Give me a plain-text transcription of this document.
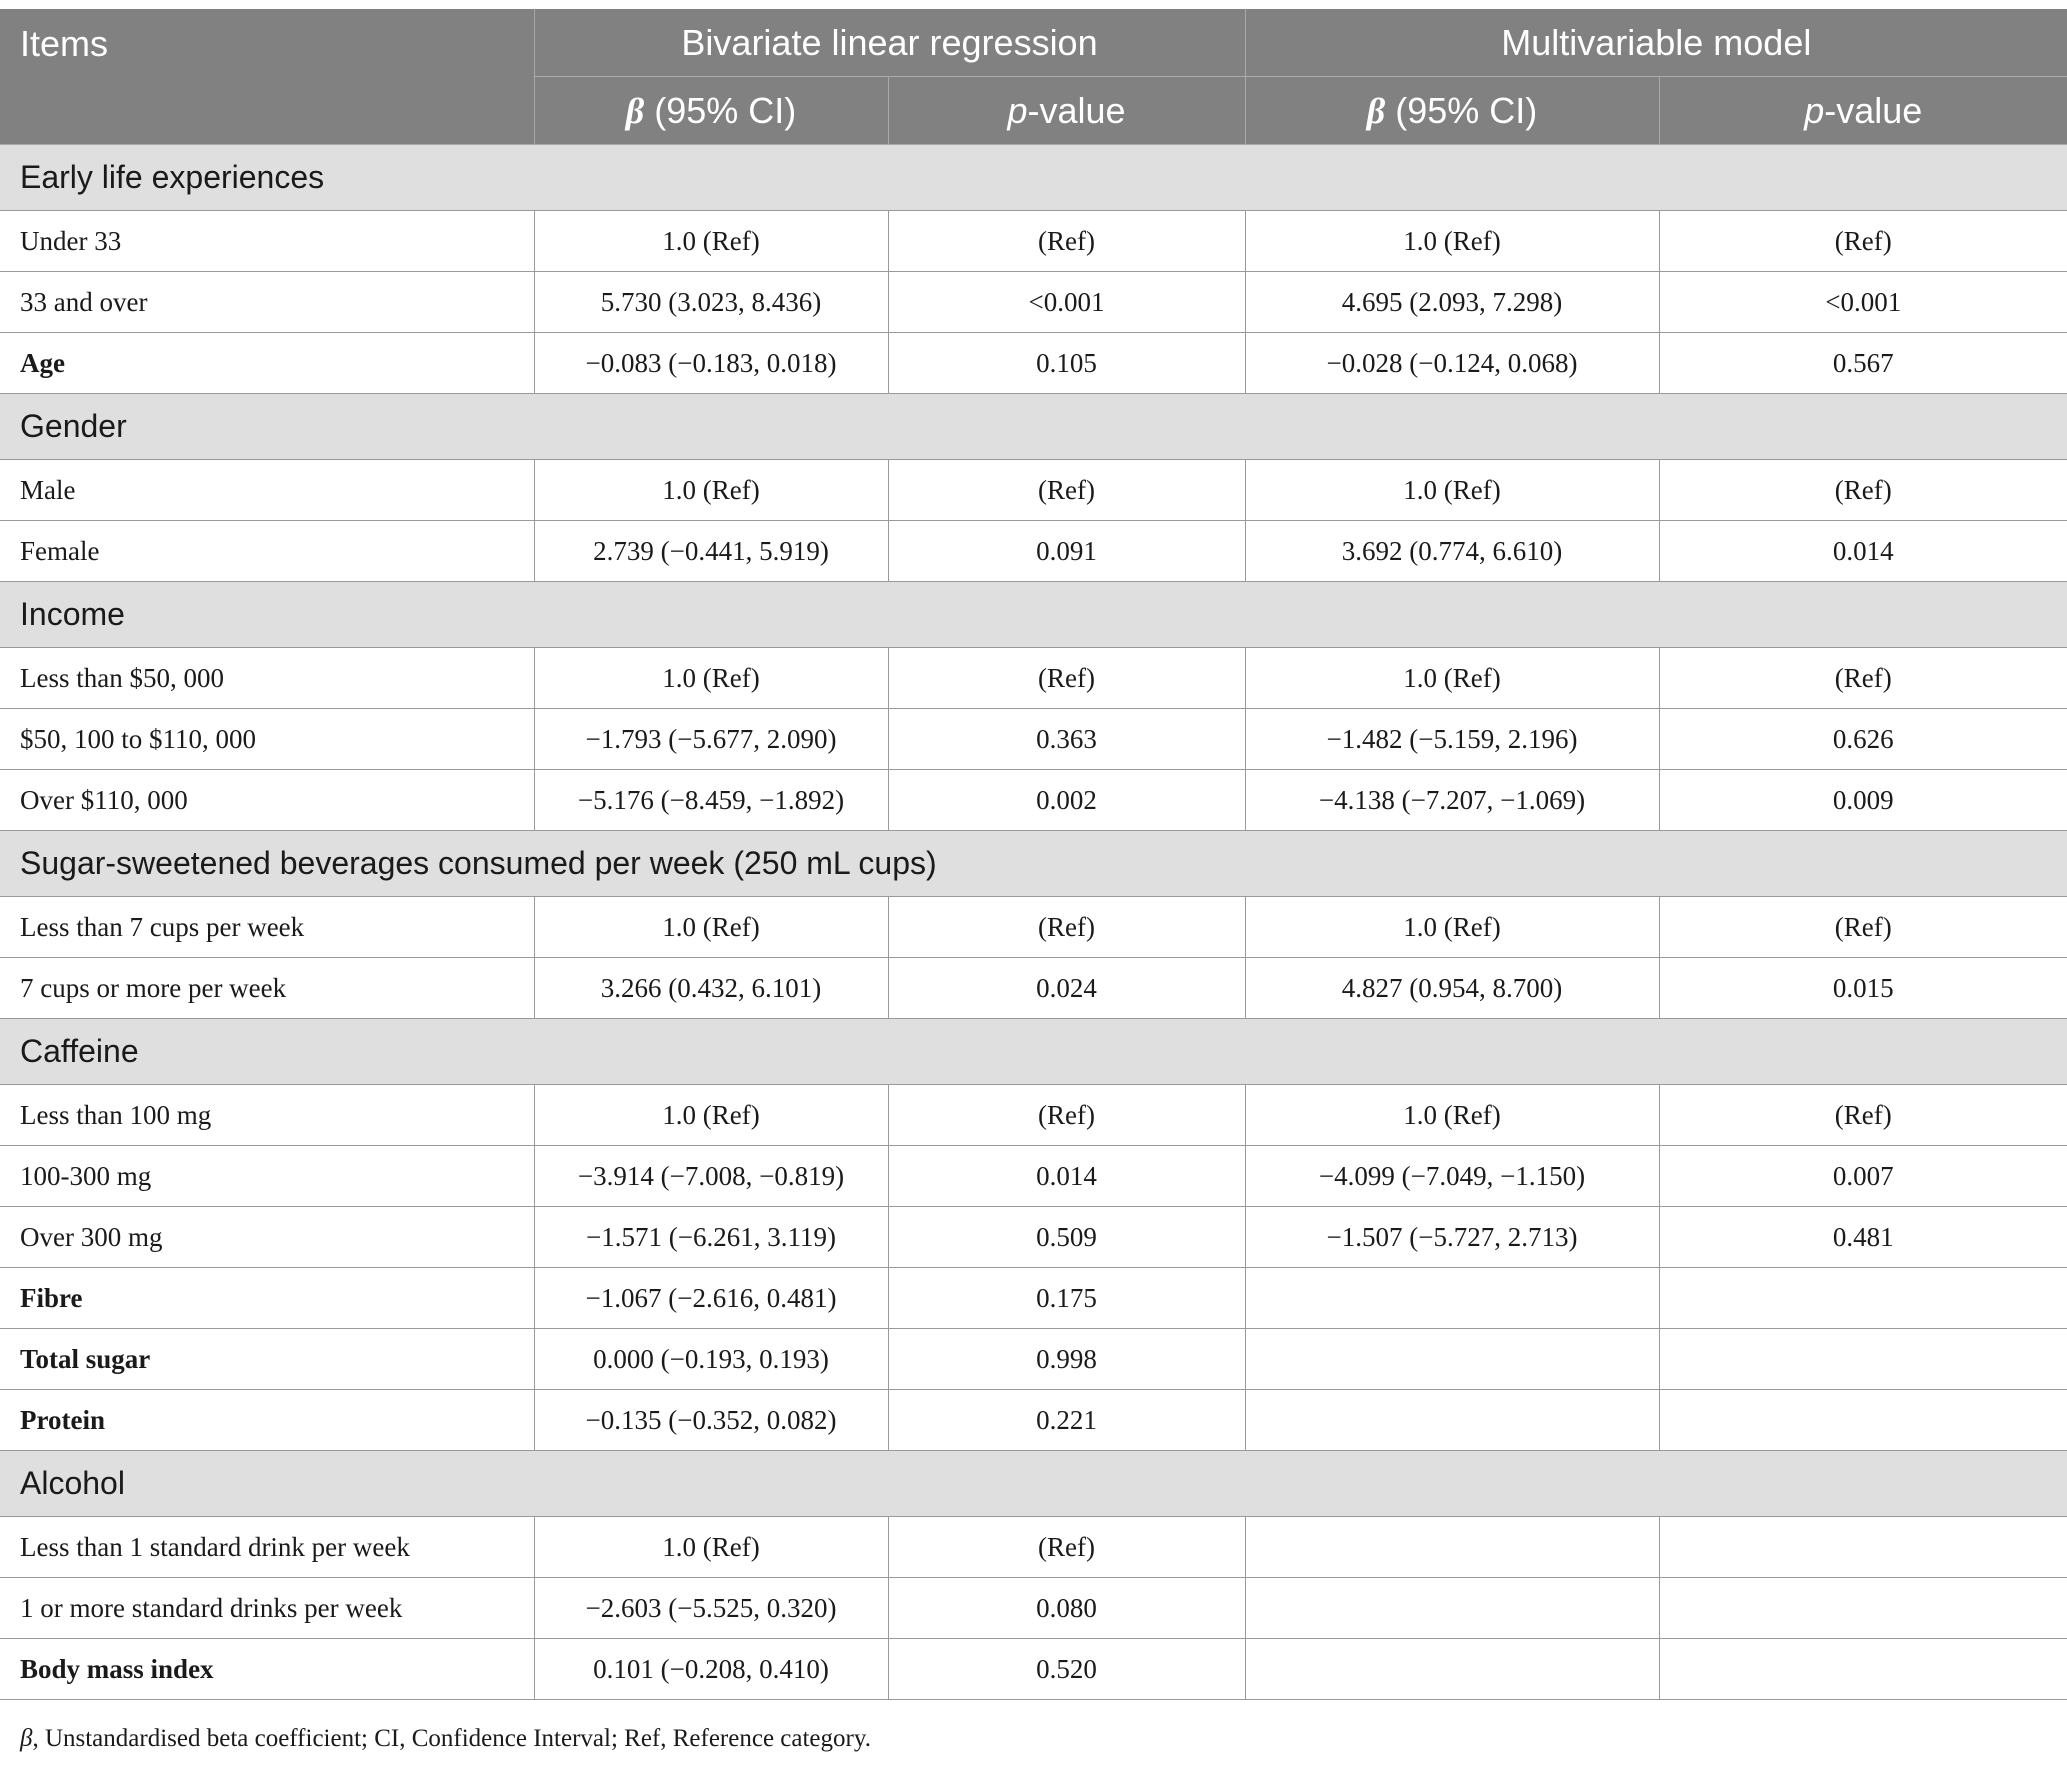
Items	Bivariate linear regression		Multivariable model	
	β (95% CI)	p-value	β (95% CI)	p-value
Early life experiences				
Under 33	1.0 (Ref)	(Ref)	1.0 (Ref)	(Ref)
33 and over	5.730 (3.023, 8.436)	<0.001	4.695 (2.093, 7.298)	<0.001
Age	−0.083 (−0.183, 0.018)	0.105	−0.028 (−0.124, 0.068)	0.567
Gender				
Male	1.0 (Ref)	(Ref)	1.0 (Ref)	(Ref)
Female	2.739 (−0.441, 5.919)	0.091	3.692 (0.774, 6.610)	0.014
Income				
Less than $50, 000	1.0 (Ref)	(Ref)	1.0 (Ref)	(Ref)
$50, 100 to $110, 000	−1.793 (−5.677, 2.090)	0.363	−1.482 (−5.159, 2.196)	0.626
Over $110, 000	−5.176 (−8.459, −1.892)	0.002	−4.138 (−7.207, −1.069)	0.009
Sugar-sweetened beverages consumed per week (250 mL cups)				
Less than 7 cups per week	1.0 (Ref)	(Ref)	1.0 (Ref)	(Ref)
7 cups or more per week	3.266 (0.432, 6.101)	0.024	4.827 (0.954, 8.700)	0.015
Caffeine				
Less than 100 mg	1.0 (Ref)	(Ref)	1.0 (Ref)	(Ref)
100-300 mg	−3.914 (−7.008, −0.819)	0.014	−4.099 (−7.049, −1.150)	0.007
Over 300 mg	−1.571 (−6.261, 3.119)	0.509	−1.507 (−5.727, 2.713)	0.481
Fibre	−1.067 (−2.616, 0.481)	0.175		
Total sugar	0.000 (−0.193, 0.193)	0.998		
Protein	−0.135 (−0.352, 0.082)	0.221		
Alcohol				
Less than 1 standard drink per week	1.0 (Ref)	(Ref)		
1 or more standard drinks per week	−2.603 (−5.525, 0.320)	0.080		
Body mass index	0.101 (−0.208, 0.410)	0.520		
β, Unstandardised beta coefficient; CI, Confidence Interval; Ref, Reference category.
